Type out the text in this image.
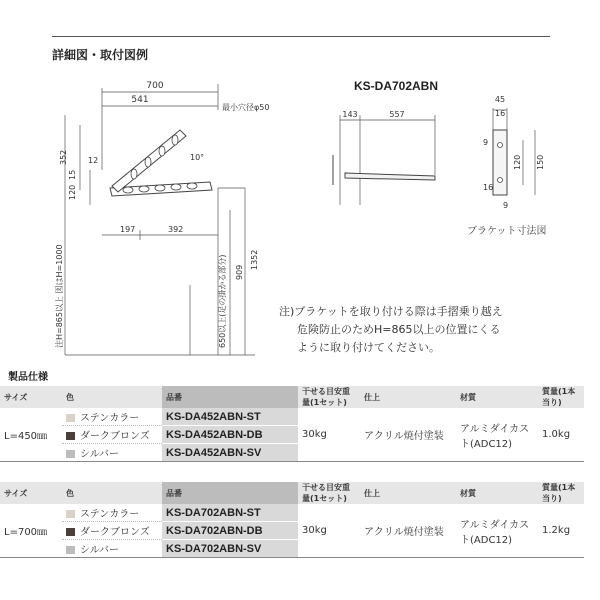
詳細図・取付図例
700
541
最小穴径φ50
352	12
15
120
注H=865以上 図はH=1000
197	392
909
1352
650以上(足の掛かる部分)
10°
KS-DA702ABN
143	557
45
16
9
120 150
16
9
ブラケット寸法図
注)ブラケットを取り付ける際は手摺乗り越え
危険防止のためH=865以上の位置にくる
ように取り付けてください。
製品仕様
サイズ	色	品番	干せる目安重量(1セット)	仕上	材質	質量(1本当り)
L=450㎜	ステンカラー	KS-DA452ABN-ST	30kg	アクリル焼付塗装	アルミダイカスト(ADC12)	1.0kg
	ダークブロンズ	KS-DA452ABN-DB				
	シルバー	KS-DA452ABN-SV				
サイズ	色	品番	干せる目安重量(1セット)	仕上	材質	質量(1本当り)
L=700㎜	ステンカラー	KS-DA702ABN-ST	30kg	アクリル焼付塗装	アルミダイカスト(ADC12)	1.2kg
	ダークブロンズ	KS-DA702ABN-DB				
	シルバー	KS-DA702ABN-SV				
